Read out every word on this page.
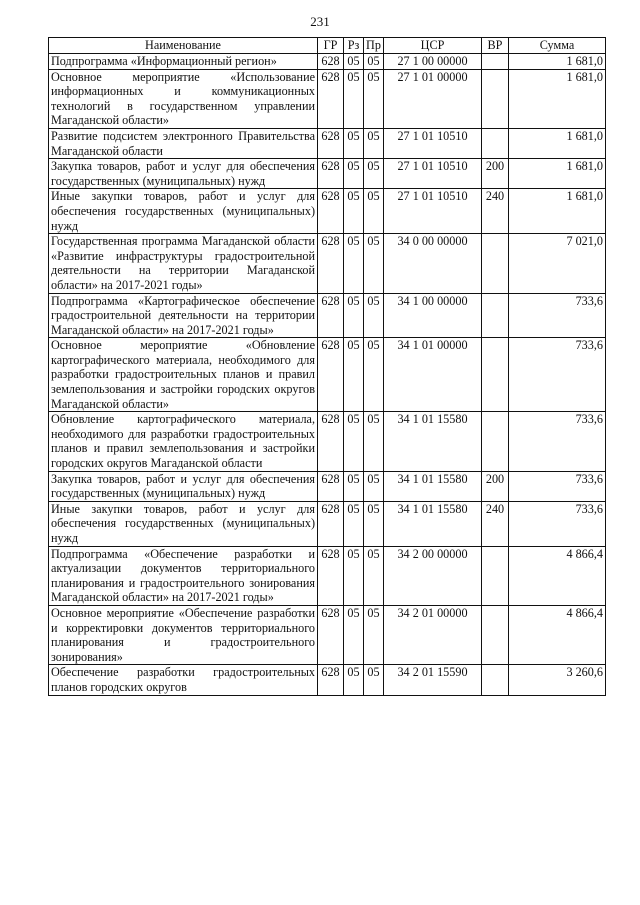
231
Наименование	ГР	Рз	Пр	ЦСР	ВР	Сумма
Подпрограмма «Информационный регион»	628	05	05	27 1 00 00000		1 681,0
Основное мероприятие «Использование информационных и коммуникационных технологий в государственном управлении Магаданской области»	628	05	05	27 1 01 00000		1 681,0
Развитие подсистем электронного Правительства Магаданской области	628	05	05	27 1 01 10510		1 681,0
Закупка товаров, работ и услуг для обеспечения государственных (муниципальных) нужд	628	05	05	27 1 01 10510	200	1 681,0
Иные закупки товаров, работ и услуг для обеспечения государственных (муниципальных) нужд	628	05	05	27 1 01 10510	240	1 681,0
Государственная программа Магаданской области «Развитие инфраструктуры градостроительной деятельности на территории Магаданской области» на 2017-2021 годы»	628	05	05	34 0 00 00000		7 021,0
Подпрограмма «Картографическое обеспечение градостроительной деятельности на территории Магаданской области» на 2017-2021 годы»	628	05	05	34 1 00 00000		733,6
Основное мероприятие «Обновление картографического материала, необходимого для разработки градостроительных планов и правил землепользования и застройки городских округов Магаданской области»	628	05	05	34 1 01 00000		733,6
Обновление картографического материала, необходимого для разработки градостроительных планов и правил землепользования и застройки городских округов Магаданской области	628	05	05	34 1 01 15580		733,6
Закупка товаров, работ и услуг для обеспечения государственных (муниципальных) нужд	628	05	05	34 1 01 15580	200	733,6
Иные закупки товаров, работ и услуг для обеспечения государственных (муниципальных) нужд	628	05	05	34 1 01 15580	240	733,6
Подпрограмма «Обеспечение разработки и актуализации документов территориального планирования и градостроительного зонирования Магаданской области» на 2017-2021 годы»	628	05	05	34 2 00 00000		4 866,4
Основное мероприятие «Обеспечение разработки и корректировки документов территориального планирования и градостроительного зонирования»	628	05	05	34 2 01 00000		4 866,4
Обеспечение разработки градостроительных планов городских округов	628	05	05	34 2 01 15590		3 260,6
